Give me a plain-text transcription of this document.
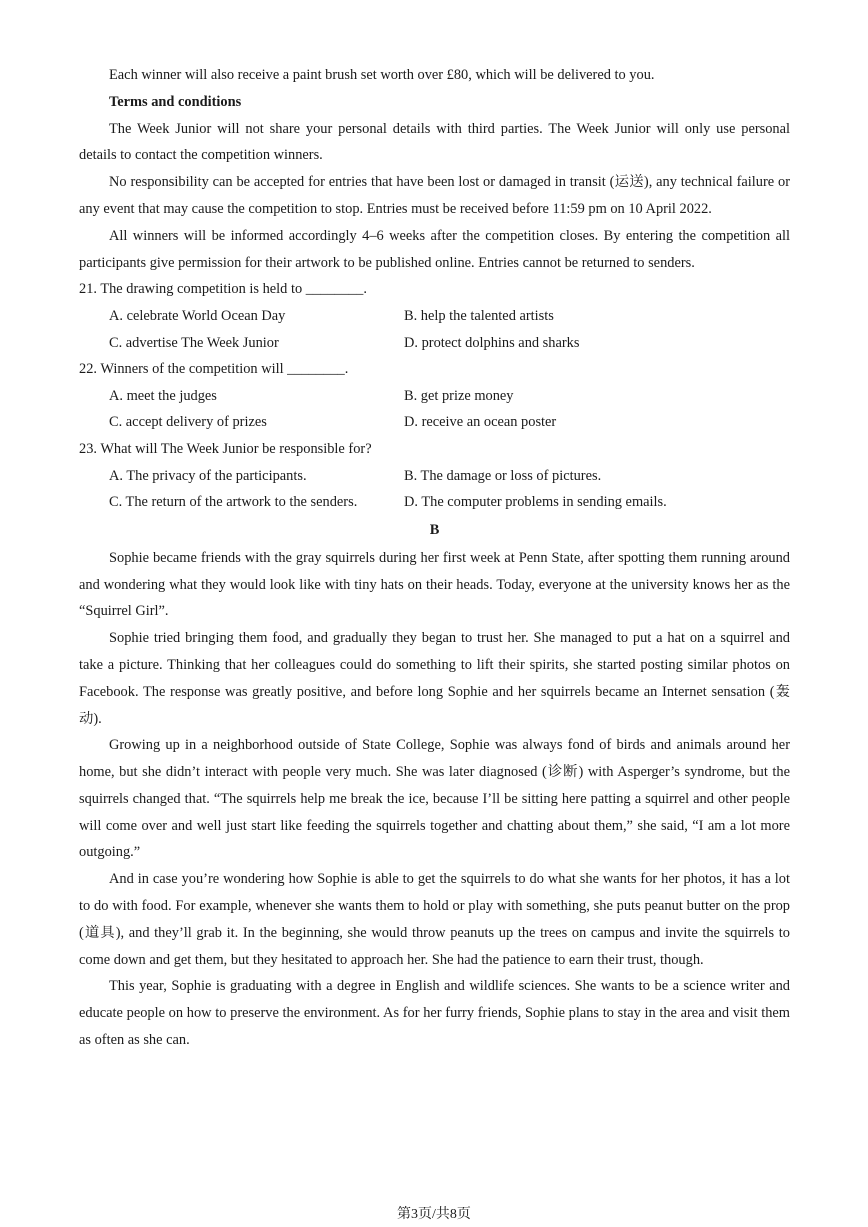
Each winner will also receive a paint brush set worth over £80, which will be delivered to you.

Terms and conditions

The Week Junior will not share your personal details with third parties. The Week Junior will only use personal details to contact the competition winners.

No responsibility can be accepted for entries that have been lost or damaged in transit (运送), any technical failure or any event that may cause the competition to stop. Entries must be received before 11:59 pm on 10 April 2022.

All winners will be informed accordingly 4–6 weeks after the competition closes. By entering the competition all participants give permission for their artwork to be published online. Entries cannot be returned to senders.

21. The drawing competition is held to ________.

A. celebrate World Ocean Day	B. help the talented artists
C. advertise The Week Junior	D. protect dolphins and sharks

22. Winners of the competition will ________.

A. meet the judges	B. get prize money
C. accept delivery of prizes	D. receive an ocean poster

23. What will The Week Junior be responsible for?

A. The privacy of the participants.	B. The damage or loss of pictures.
C. The return of the artwork to the senders.	D. The computer problems in sending emails.

B

Sophie became friends with the gray squirrels during her first week at Penn State, after spotting them running around and wondering what they would look like with tiny hats on their heads. Today, everyone at the university knows her as the “Squirrel Girl”.

Sophie tried bringing them food, and gradually they began to trust her. She managed to put a hat on a squirrel and take a picture. Thinking that her colleagues could do something to lift their spirits, she started posting similar photos on Facebook. The response was greatly positive, and before long Sophie and her squirrels became an Internet sensation (轰动).

Growing up in a neighborhood outside of State College, Sophie was always fond of birds and animals around her home, but she didn’t interact with people very much. She was later diagnosed (诊断) with Asperger’s syndrome, but the squirrels changed that. “The squirrels help me break the ice, because I’ll be sitting here patting a squirrel and other people will come over and well just start like feeding the squirrels together and chatting about them,” she said, “I am a lot more outgoing.”

And in case you’re wondering how Sophie is able to get the squirrels to do what she wants for her photos, it has a lot to do with food. For example, whenever she wants them to hold or play with something, she puts peanut butter on the prop (道具), and they’ll grab it. In the beginning, she would throw peanuts up the trees on campus and invite the squirrels to come down and get them, but they hesitated to approach her. She had the patience to earn their trust, though.

This year, Sophie is graduating with a degree in English and wildlife sciences. She wants to be a science writer and educate people on how to preserve the environment. As for her furry friends, Sophie plans to stay in the area and visit them as often as she can.

第3页/共8页
